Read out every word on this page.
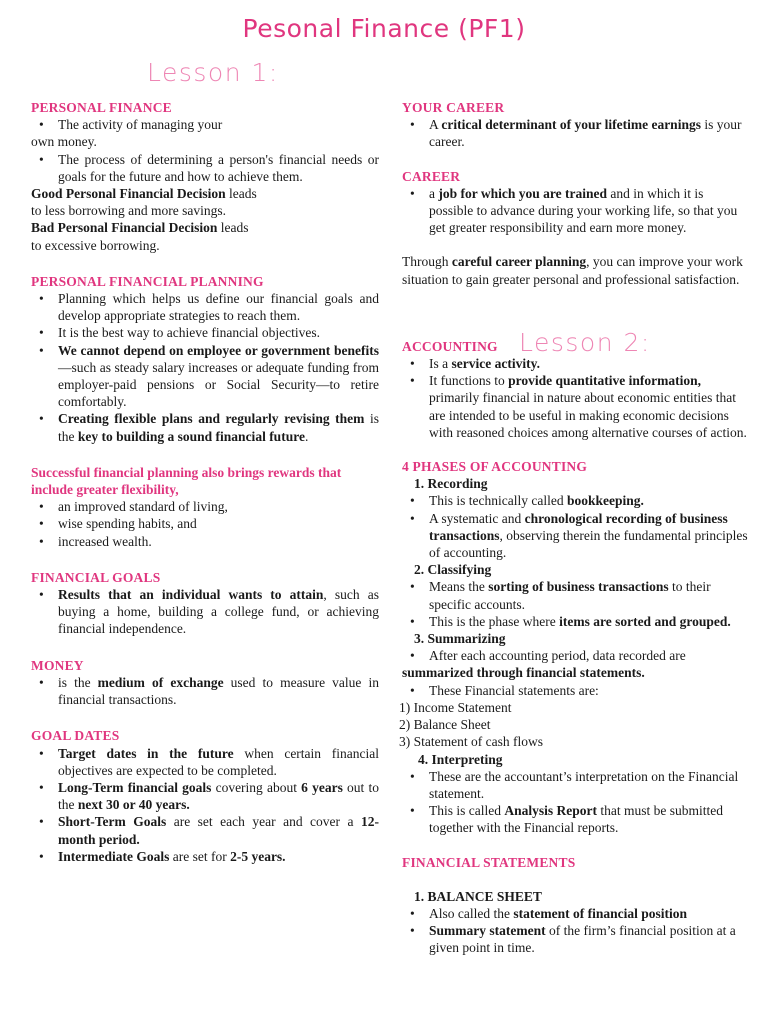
Pesonal Finance (PF1)
Lesson 1:
Lesson 2:
PERSONAL FINANCE
• The activity of managing your
own money.
• The process of determining a person's financial needs or goals for the future and how to achieve them.
Good Personal Financial Decision leads
to less borrowing and more savings.
Bad Personal Financial Decision leads
to excessive borrowing.
PERSONAL FINANCIAL PLANNING
• Planning which helps us define our financial goals and develop appropriate strategies to reach them.
• It is the best way to achieve financial objectives.
• We cannot depend on employee or government benefits—such as steady salary increases or adequate funding from employer-paid pensions or Social Security—to retire comfortably.
• Creating flexible plans and regularly revising them is the key to building a sound financial future.
Successful financial planning also brings rewards that include greater flexibility,
• an improved standard of living,
• wise spending habits, and
• increased wealth.
FINANCIAL GOALS
• Results that an individual wants to attain, such as buying a home, building a college fund, or achieving financial independence.
MONEY
• is the medium of exchange used to measure value in financial transactions.
GOAL DATES
• Target dates in the future when certain financial objectives are expected to be completed.
• Long-Term financial goals covering about 6 years out to the next 30 or 40 years.
• Short-Term Goals are set each year and cover a 12-month period.
• Intermediate Goals are set for 2-5 years.
YOUR CAREER
• A critical determinant of your lifetime earnings is your career.
CAREER
• a job for which you are trained and in which it is possible to advance during your working life, so that you get greater responsibility and earn more money.
Through careful career planning, you can improve your work situation to gain greater personal and professional satisfaction.
ACCOUNTING
• Is a service activity.
• It functions to provide quantitative information, primarily financial in nature about economic entities that are intended to be useful in making economic decisions with reasoned choices among alternative courses of action.
4 PHASES OF ACCOUNTING
1. Recording
• This is technically called bookkeeping.
• A systematic and chronological recording of business transactions, observing therein the fundamental principles of accounting.
2. Classifying
• Means the sorting of business transactions to their specific accounts.
• This is the phase where items are sorted and grouped.
3. Summarizing
• After each accounting period, data recorded are
summarized through financial statements.
• These Financial statements are:
1) Income Statement
2) Balance Sheet
3) Statement of cash flows
4. Interpreting
• These are the accountant’s interpretation on the Financial statement.
• This is called Analysis Report that must be submitted together with the Financial reports.
FINANCIAL STATEMENTS
1. BALANCE SHEET
• Also called the statement of financial position
• Summary statement of the firm’s financial position at a given point in time.
